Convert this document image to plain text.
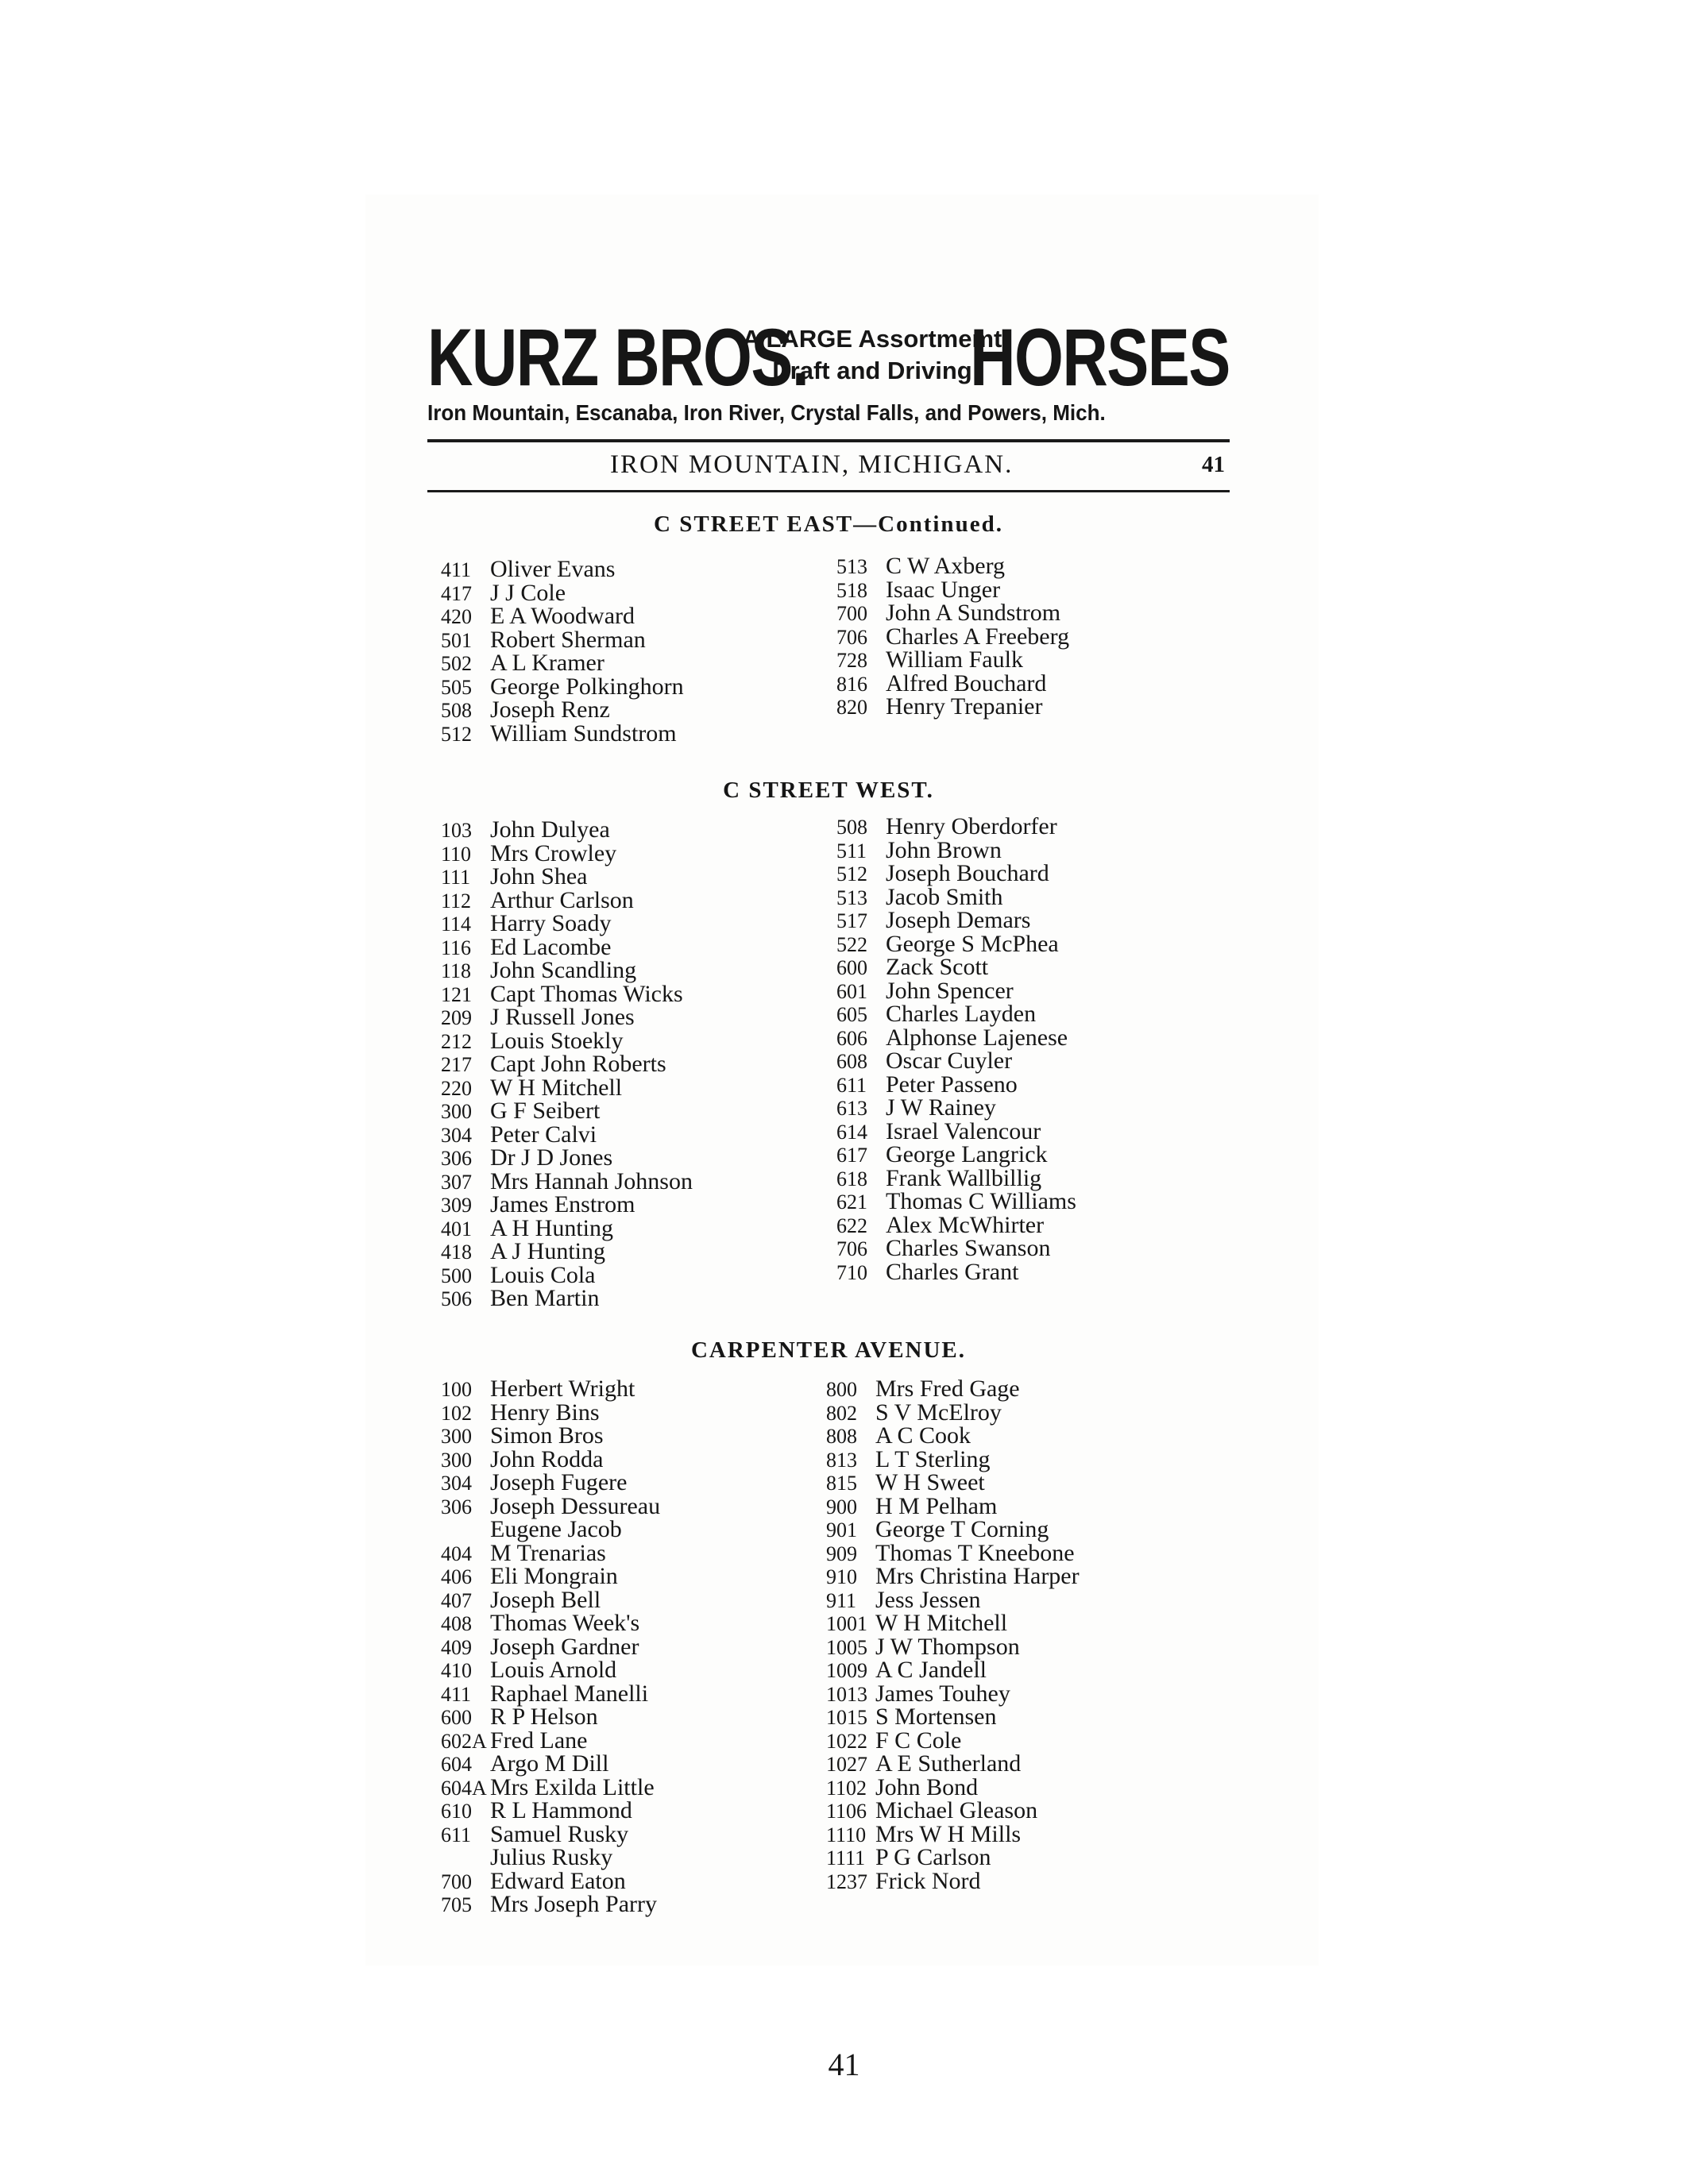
KURZ BROS.
A LARGE Assortmemt
Draft and Driving
HORSES
Iron Mountain, Escanaba, Iron River, Crystal Falls, and Powers, Mich.
IRON MOUNTAIN, MICHIGAN.	41
C STREET EAST—Continued.
411 Oliver Evans
417 J J Cole
420 E A Woodward
501 Robert Sherman
502 A L Kramer
505 George Polkinghorn
508 Joseph Renz
512 William Sundstrom
513 C W Axberg
518 Isaac Unger
700 John A Sundstrom
706 Charles A Freeberg
728 William Faulk
816 Alfred Bouchard
820 Henry Trepanier
C STREET WEST.
103 John Dulyea
110 Mrs Crowley
111 John Shea
112 Arthur Carlson
114 Harry Soady
116 Ed Lacombe
118 John Scandling
121 Capt Thomas Wicks
209 J Russell Jones
212 Louis Stoekly
217 Capt John Roberts
220 W H Mitchell
300 G F Seibert
304 Peter Calvi
306 Dr J D Jones
307 Mrs Hannah Johnson
309 James Enstrom
401 A H Hunting
418 A J Hunting
500 Louis Cola
506 Ben Martin
508 Henry Oberdorfer
511 John Brown
512 Joseph Bouchard
513 Jacob Smith
517 Joseph Demars
522 George S McPhea
600 Zack Scott
601 John Spencer
605 Charles Layden
606 Alphonse Lajenese
608 Oscar Cuyler
611 Peter Passeno
613 J W Rainey
614 Israel Valencour
617 George Langrick
618 Frank Wallbillig
621 Thomas C Williams
622 Alex McWhirter
706 Charles Swanson
710 Charles Grant
CARPENTER AVENUE.
100 Herbert Wright
102 Henry Bins
300 Simon Bros
300 John Rodda
304 Joseph Fugere
306 Joseph Dessureau
Eugene Jacob
404 M Trenarias
406 Eli Mongrain
407 Joseph Bell
408 Thomas Week's
409 Joseph Gardner
410 Louis Arnold
411 Raphael Manelli
600 R P Helson
602A Fred Lane
604 Argo M Dill
604A Mrs Exilda Little
610 R L Hammond
611 Samuel Rusky
Julius Rusky
700 Edward Eaton
705 Mrs Joseph Parry
800 Mrs Fred Gage
802 S V McElroy
808 A C Cook
813 L T Sterling
815 W H Sweet
900 H M Pelham
901 George T Corning
909 Thomas T Kneebone
910 Mrs Christina Harper
911 Jess Jessen
1001 W H Mitchell
1005 J W Thompson
1009 A C Jandell
1013 James Touhey
1015 S Mortensen
1022 F C Cole
1027 A E Sutherland
1102 John Bond
1106 Michael Gleason
1110 Mrs W H Mills
1111 P G Carlson
1237 Frick Nord
41
